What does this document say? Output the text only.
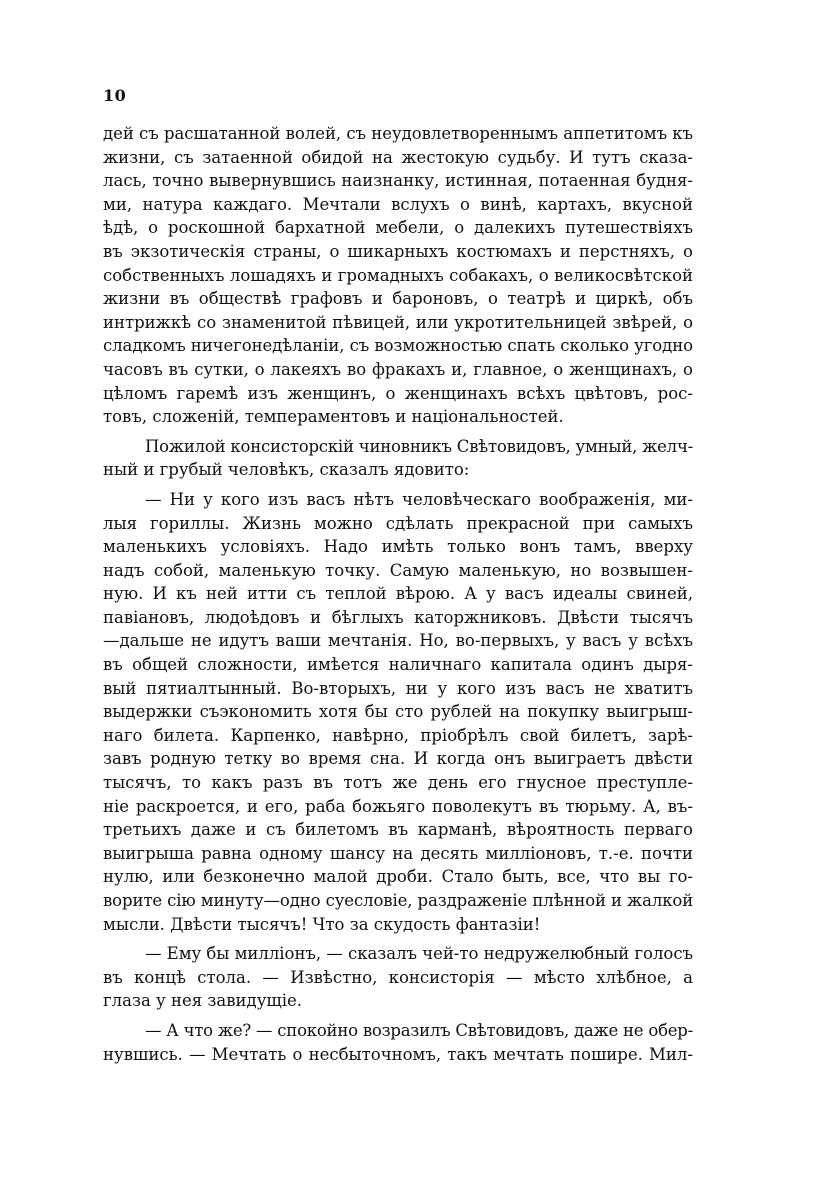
10
дей съ расшатанной волей, съ неудовлетвореннымъ аппетитомъ къ
жизни, съ затаенной обидой на жестокую судьбу. И тутъ сказа-
лась, точно вывернувшись наизнанку, истинная, потаенная будня-
ми, натура каждаго. Мечтали вслухъ о винѣ, картахъ, вкусной
ѣдѣ, о роскошной бархатной мебели, о далекихъ путешествіяхъ
въ экзотическія страны, о шикарныхъ костюмахъ и перстняхъ, о
собственныхъ лошадяхъ и громадныхъ собакахъ, о великосвѣтской
жизни въ обществѣ графовъ и бароновъ, о театрѣ и циркѣ, объ
интрижкѣ со знаменитой пѣвицей, или укротительницей звѣрей, о
сладкомъ ничегонедѣланіи, съ возможностью спать сколько угодно
часовъ въ сутки, о лакеяхъ во фракахъ и, главное, о женщинахъ, о
цѣломъ гаремѣ изъ женщинъ, о женщинахъ всѣхъ цвѣтовъ, рос-
товъ, сложеній, темпераментовъ и національностей.
Пожилой консисторскій чиновникъ Свѣтовидовъ, умный, желч-
ный и грубый человѣкъ, сказалъ ядовито:
— Ни у кого изъ васъ нѣтъ человѣческаго воображенія, ми-
лыя гориллы. Жизнь можно сдѣлать прекрасной при самыхъ
маленькихъ условіяхъ. Надо имѣть только вонъ тамъ, вверху
надъ собой, маленькую точку. Самую маленькую, но возвышен-
ную. И къ ней итти съ теплой вѣрою. А у васъ идеалы свиней,
павіановъ, людоѣдовъ и бѣглыхъ каторжниковъ. Двѣсти тысячъ
—дальше не идутъ ваши мечтанія. Но, во-первыхъ, у васъ у всѣхъ
въ общей сложности, имѣется наличнаго капитала одинъ дыря-
вый пятиалтынный. Во-вторыхъ, ни у кого изъ васъ не хватитъ
выдержки съэкономить хотя бы сто рублей на покупку выигрыш-
наго билета. Карпенко, навѣрно, пріобрѣлъ свой билетъ, зарѣ-
завъ родную тетку во время сна. И когда онъ выиграетъ двѣсти
тысячъ, то какъ разъ въ тотъ же день его гнусное преступле-
ніе раскроется, и его, раба божьяго поволекутъ въ тюрьму. А, въ-
третьихъ даже и съ билетомъ въ карманѣ, вѣроятность перваго
выигрыша равна одному шансу на десять милліоновъ, т.-е. почти
нулю, или безконечно малой дроби. Стало быть, все, что вы го-
ворите сію минуту—одно суесловіе, раздраженіе плѣнной и жалкой
мысли. Двѣсти тысячъ! Что за скудость фантазіи!
— Ему бы милліонъ, — сказалъ чей-то недружелюбный голосъ
въ концѣ стола. — Извѣстно, консисторія — мѣсто хлѣбное, а
глаза у нея завидущіе.
— А что же? — спокойно возразилъ Свѣтовидовъ, даже не обер-
нувшись. — Мечтать о несбыточномъ, такъ мечтать пошире. Мил-
